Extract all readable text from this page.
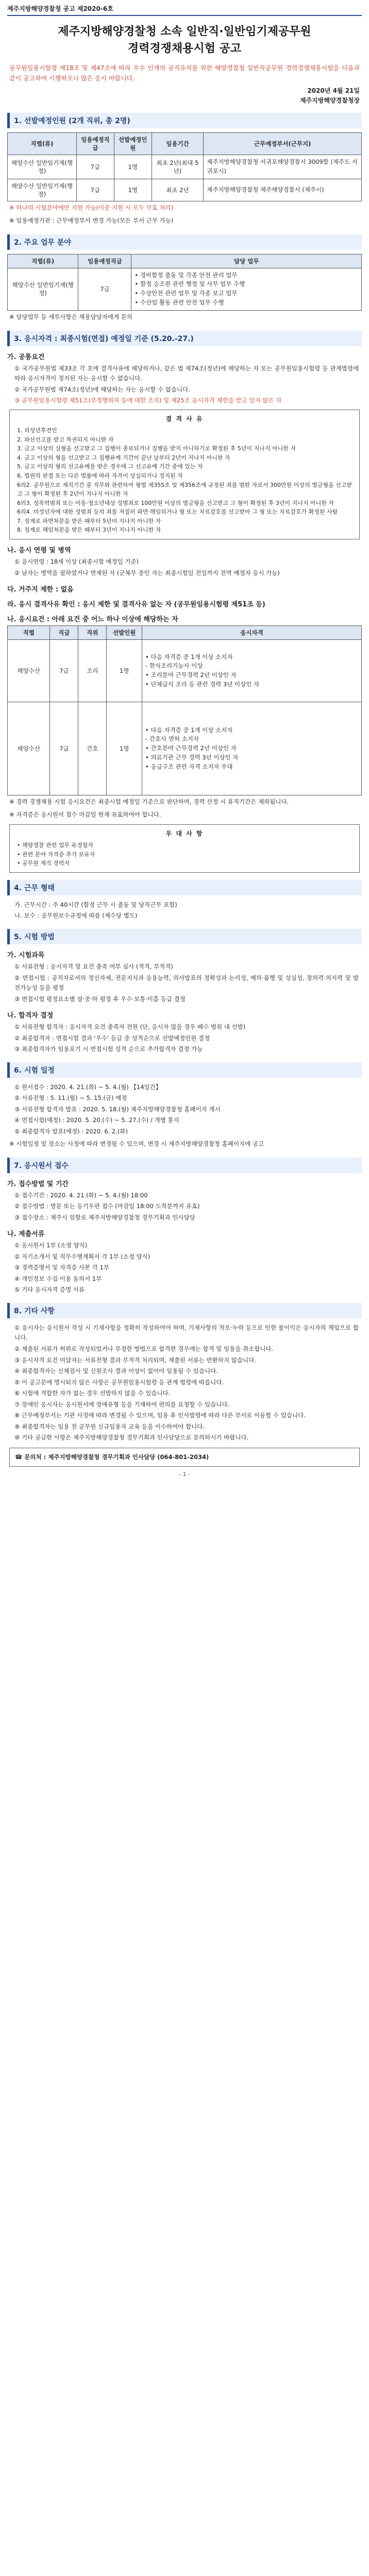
제주지방해양경찰청 공고 제2020-6호
제주지방해양경찰청 소속 일반직·일반임기제공무원
경력경쟁채용시험 공고
공무원임용시험령 제18조 및 제47조에 따라 우수 인재의 공직유치를 위한 해양경찰청 일반직공무원 경력경쟁채용시험을 다음과 같이 공고하여 시행하오니 많은 응시 바랍니다.
2020년 4월 21일
제주지방해양경찰청장
1. 선발예정인원 (2개 직위, 총 2명)
직렬(류)	임용예정직급	선발예정인원	임용기간	근무예정부서(근무지)
해양수산 일반임기제(행정)	7급	1명	최초 2년(최대 5년)	제주지방해양경찰청 서귀포해양경찰서 3009함 (제주도 서귀포시)
해양수산 일반임기제(행정)	7급	1명	최초 2년	제주지방해양경찰청 제주해양경찰서 (제주시)
※ 하나의 시험분야에만 지원 가능(이중 지원 시 모두 무효 처리)
※ 임용예정기관 : 근무예정부서 변경 가능(모든 부서 근무 가능)
2. 주요 업무 분야
직렬(류)	임용예정직급	담당 업무
해양수산 일반임기제(행정)	7급	• 경비함정 출동 및 각종 안전 관리 업무
• 함정 승조원 관련 행정 및 사무 업무 수행
• 수상안전 관련 업무 및 각종 보고 업무
• 수산업 활동 관련 안전 업무 수행
※ 담당업무 등 세부사항은 채용담당자에게 문의
3. 응시자격 : 최종시험(면접) 예정일 기준 (5.20.-27.)
가. 공통요건
① 국가공무원법 제33조 각 호에 결격사유에 해당하거나, 같은 법 제74조(정년)에 해당하는 자 또는 공무원임용시험령 등 관계법령에 따라 응시자격이 정지된 자는 응시할 수 없습니다.
② 국가공무원법 제74조(정년)에 해당하는 자는 응시할 수 없습니다.
③ 공무원임용시험령 제51조(부정행위자 등에 대한 조치) 및 제25조 응시자격 제한을 받고 있지 않은 자
결 격 사 유
1. 피성년후견인
2. 파산선고를 받고 복권되지 아니한 자
3. 금고 이상의 실형을 선고받고 그 집행이 종료되거나 집행을 받지 아니하기로 확정된 후 5년이 지나지 아니한 자
4. 금고 이상의 형을 선고받고 그 집행유예 기간이 끝난 날부터 2년이 지나지 아니한 자
5. 금고 이상의 형의 선고유예를 받은 경우에 그 선고유예 기간 중에 있는 자
6. 법원의 판결 또는 다른 법률에 따라 자격이 상실되거나 정지된 자
6의2. 공무원으로 재직기간 중 직무와 관련하여 형법 제355조 및 제356조에 규정된 죄를 범한 자로서 300만원 이상의 벌금형을 선고받고 그 형이 확정된 후 2년이 지나지 아니한 자
6의3. 성폭력범죄 또는 아동·청소년대상 성범죄로 100만원 이상의 벌금형을 선고받고 그 형이 확정된 후 3년이 지나지 아니한 자
6의4. 미성년자에 대한 성범죄 등의 죄를 저질러 파면·해임되거나 형 또는 치료감호를 선고받아 그 형 또는 치료감호가 확정된 사람
7. 징계로 파면처분을 받은 때부터 5년이 지나지 아니한 자
8. 징계로 해임처분을 받은 때부터 3년이 지나지 아니한 자
나. 응시 연령 및 병역
① 응시연령 : 18세 이상 (최종시험 예정일 기준)
② 남자는 병역을 필하였거나 면제된 자 (군복무 중인 자는 최종시험일 전일까지 전역 예정자 응시 가능)
다. 거주지 제한 : 없음
라. 응시 결격사유 확인 : 응시 제한 및 결격사유 없는 자 (공무원임용시험령 제51조 등)
나. 응시요건 : 아래 요건 중 어느 하나 이상에 해당하는 자
직렬	직급	직위	선발인원	응시자격
해양수산	7급	조리	1명	• 다음 자격증 중 1개 이상 소지자
- 한식조리기능사 이상
• 조리분야 근무경력 2년 이상인 자
• 단체급식 조리 등 관련 경력 3년 이상인 자
해양수산	7급	간호	1명	• 다음 자격증 중 1개 이상 소지자
- 간호사 면허 소지자
• 간호분야 근무경력 2년 이상인 자
• 의료기관 근무 경력 3년 이상인 자
• 응급구조 관련 자격 소지자 우대
※ 경력 경쟁채용 시험 응시요건은 최종시험 예정일 기준으로 판단하며, 경력 산정 시 휴직기간은 제외됩니다.
※ 자격증은 응시원서 접수 마감일 현재 유효하여야 합니다.
우 대 사 항
• 해양경찰 관련 업무 유경험자
• 관련 분야 자격증 추가 보유자
• 공무원 재직 경력자
4. 근무 형태
가. 근무시간 : 주 40시간 (함정 근무 시 출동 및 당직근무 포함)
나. 보수 : 공무원보수규정에 따름 (제수당 별도)
5. 시험 방법
가. 시험과목
① 서류전형 : 응시자격 및 요건 충족 여부 심사 (적격, 부적격)
② 면접시험 : 공직자로서의 정신자세, 전문지식과 응용능력, 의사발표의 정확성과 논리성, 예의·품행 및 성실성, 창의력·의지력 및 발전가능성 등을 평정
③ 면접시험 평정요소별 상·중·하 평정 후 우수·보통·미흡 등급 결정
나. 합격자 결정
① 서류전형 합격자 : 응시자격 요건 충족자 전원 (단, 응시자 많을 경우 배수 범위 내 선발)
② 최종합격자 : 면접시험 결과 '우수' 등급 중 성적순으로 선발예정인원 결정
③ 최종합격자가 임용포기 시 면접시험 성적 순으로 추가합격자 결정 가능
6. 시험 일정
① 원서접수 : 2020. 4. 21.(화) ~ 5. 4.(월) 【14일간】
② 서류전형 : 5. 11.(월) ~ 5. 15.(금) 예정
③ 서류전형 합격자 발표 : 2020. 5. 18.(월) 제주지방해양경찰청 홈페이지 게시
④ 면접시험(예정) : 2020. 5. 20.(수) ~ 5. 27.(수) / 개별 통지
⑤ 최종합격자 발표(예정) : 2020. 6. 2.(화)
※ 시험일정 및 장소는 사정에 따라 변경될 수 있으며, 변경 시 제주지방해양경찰청 홈페이지에 공고
7. 응시원서 접수
가. 접수방법 및 기간
① 접수기간 : 2020. 4. 21.(화) ~ 5. 4.(월) 18:00
② 접수방법 : 방문 또는 등기우편 접수 (마감일 18:00 도착분까지 유효)
③ 접수장소 : 제주시 임항로 제주지방해양경찰청 경무기획과 인사담당
나. 제출서류
① 응시원서 1부 (소정 양식)
② 자기소개서 및 직무수행계획서 각 1부 (소정 양식)
③ 경력증명서 및 자격증 사본 각 1부
④ 개인정보 수집·이용 동의서 1부
⑤ 기타 응시자격 증명 서류
8. 기타 사항
① 응시자는 응시원서 작성 시 기재사항을 정확히 작성하여야 하며, 기재사항의 착오·누락 등으로 인한 불이익은 응시자의 책임으로 합니다.
② 제출된 서류가 허위로 작성되었거나 부정한 방법으로 합격한 경우에는 합격 및 임용을 취소합니다.
③ 응시자격 요건 미달자는 서류전형 결과 부적격 처리되며, 제출된 서류는 반환하지 않습니다.
④ 최종합격자는 신체검사 및 신원조사 결과 이상이 없어야 임용될 수 있습니다.
⑤ 이 공고문에 명시되지 않은 사항은 공무원임용시험령 등 관계 법령에 따릅니다.
⑥ 시험에 적합한 자가 없는 경우 선발하지 않을 수 있습니다.
⑦ 장애인 응시자는 응시원서에 장애유형 등을 기재하여 편의를 요청할 수 있습니다.
⑧ 근무예정부서는 기관 사정에 따라 변경될 수 있으며, 임용 후 인사발령에 따라 다른 부서로 이동할 수 있습니다.
⑨ 최종합격자는 임용 전 공무원 신규임용자 교육 등을 이수하여야 합니다.
⑩ 기타 궁금한 사항은 제주지방해양경찰청 경무기획과 인사담당으로 문의하시기 바랍니다.
☎ 문의처 : 제주지방해양경찰청 경무기획과 인사담당 (064-801-2034)
- 1 -
